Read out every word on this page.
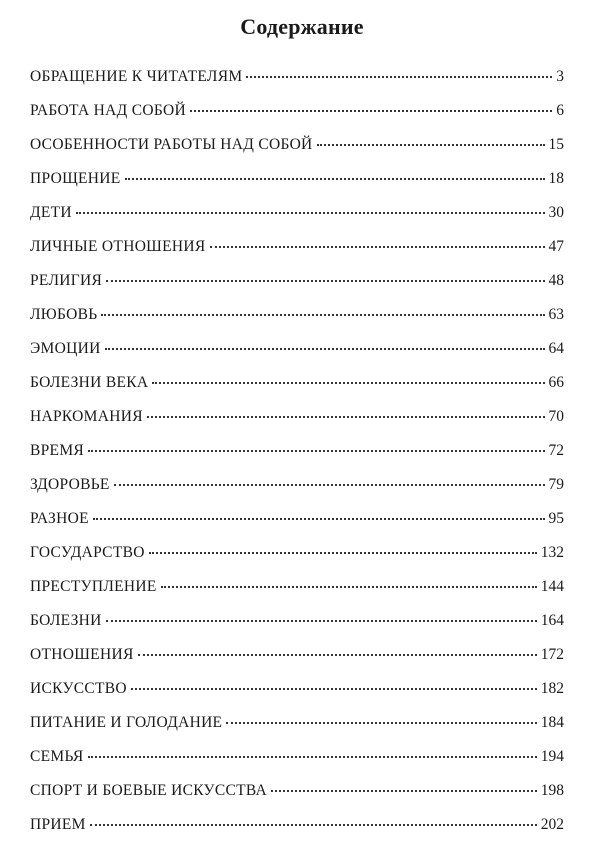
Содержание
ОБРАЩЕНИЕ К ЧИТАТЕЛЯМ	3
РАБОТА НАД СОБОЙ	6
ОСОБЕННОСТИ РАБОТЫ НАД СОБОЙ	15
ПРОЩЕНИЕ	18
ДЕТИ	30
ЛИЧНЫЕ ОТНОШЕНИЯ	47
РЕЛИГИЯ	48
ЛЮБОВЬ	63
ЭМОЦИИ	64
БОЛЕЗНИ ВЕКА	66
НАРКОМАНИЯ	70
ВРЕМЯ	72
ЗДОРОВЬЕ	79
РАЗНОЕ	95
ГОСУДАРСТВО	132
ПРЕСТУПЛЕНИЕ	144
БОЛЕЗНИ	164
ОТНОШЕНИЯ	172
ИСКУССТВО	182
ПИТАНИЕ И ГОЛОДАНИЕ	184
СЕМЬЯ	194
СПОРТ И БОЕВЫЕ ИСКУССТВА	198
ПРИЕМ	202
